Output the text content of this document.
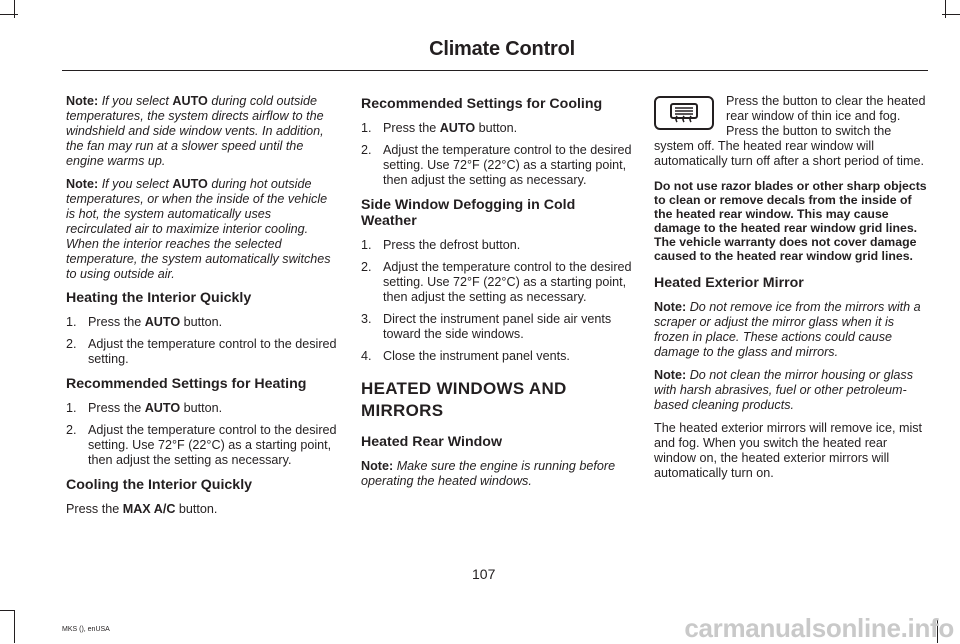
Climate Control

Note: If you select AUTO during cold outside temperatures, the system directs airflow to the windshield and side window vents. In addition, the fan may run at a slower speed until the engine warms up.

Note: If you select AUTO during hot outside temperatures, or when the inside of the vehicle is hot, the system automatically uses recirculated air to maximize interior cooling. When the interior reaches the selected temperature, the system automatically switches to using outside air.

Heating the Interior Quickly
1. Press the AUTO button.
2. Adjust the temperature control to the desired setting.
Recommended Settings for Heating
1. Press the AUTO button.
2. Adjust the temperature control to the desired setting. Use 72°F (22°C) as a starting point, then adjust the setting as necessary.
Cooling the Interior Quickly

Press the MAX A/C button.

Recommended Settings for Cooling
1. Press the AUTO button.
2. Adjust the temperature control to the desired setting. Use 72°F (22°C) as a starting point, then adjust the setting as necessary.
Side Window Defogging in Cold Weather
1. Press the defrost button.
2. Adjust the temperature control to the desired setting. Use 72°F (22°C) as a starting point, then adjust the setting as necessary.
3. Direct the instrument panel side air vents toward the side windows.
4. Close the instrument panel vents.
HEATED WINDOWS AND MIRRORS
Heated Rear Window

Note: Make sure the engine is running before operating the heated windows.

Press the button to clear the heated rear window of thin ice and fog. Press the button to switch the system off. The heated rear window will automatically turn off after a short period of time.

Do not use razor blades or other sharp objects to clean or remove decals from the inside of the heated rear window. This may cause damage to the heated rear window grid lines. The vehicle warranty does not cover damage caused to the heated rear window grid lines.

Heated Exterior Mirror

Note: Do not remove ice from the mirrors with a scraper or adjust the mirror glass when it is frozen in place. These actions could cause damage to the glass and mirrors.

Note: Do not clean the mirror housing or glass with harsh abrasives, fuel or other petroleum-based cleaning products.

The heated exterior mirrors will remove ice, mist and fog. When you switch the heated rear window on, the heated exterior mirrors will automatically turn on.

107
MKS (), enUSA	carmanualsonline.info
